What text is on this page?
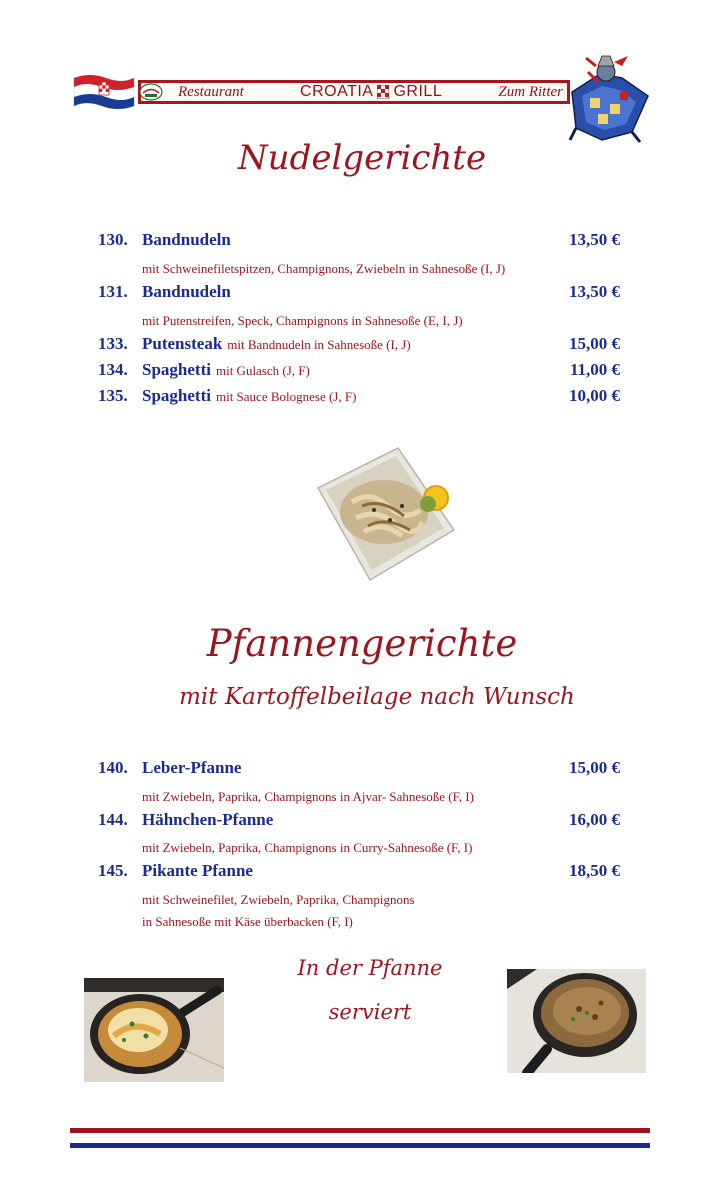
Restaurant	CROATIA GRILL	Zum Ritter
Nudelgerichte
130. Bandnudeln	13,50 €
mit Schweinefiletspitzen, Champignons, Zwiebeln in Sahnesoße (I, J)
131. Bandnudeln	13,50 €
mit Putenstreifen, Speck, Champignons in Sahnesoße (E, I, J)
133. Putensteak mit Bandnudeln in Sahnesoße (I, J)	15,00 €
134. Spaghetti mit Gulasch (J, F)	11,00 €
135. Spaghetti mit Sauce Bolognese (J, F)	10,00 €
Pfannengerichte
mit Kartoffelbeilage nach Wunsch
140. Leber-Pfanne	15,00 €
mit Zwiebeln, Paprika, Champignons in Ajvar- Sahnesoße (F, I)
144. Hähnchen-Pfanne	16,00 €
mit Zwiebeln, Paprika, Champignons in Curry-Sahnesoße (F, I)
145. Pikante Pfanne	18,50 €
mit Schweinefilet, Zwiebeln, Paprika, Champignons
in Sahnesoße mit Käse überbacken (F, I)
In der Pfanne
serviert
